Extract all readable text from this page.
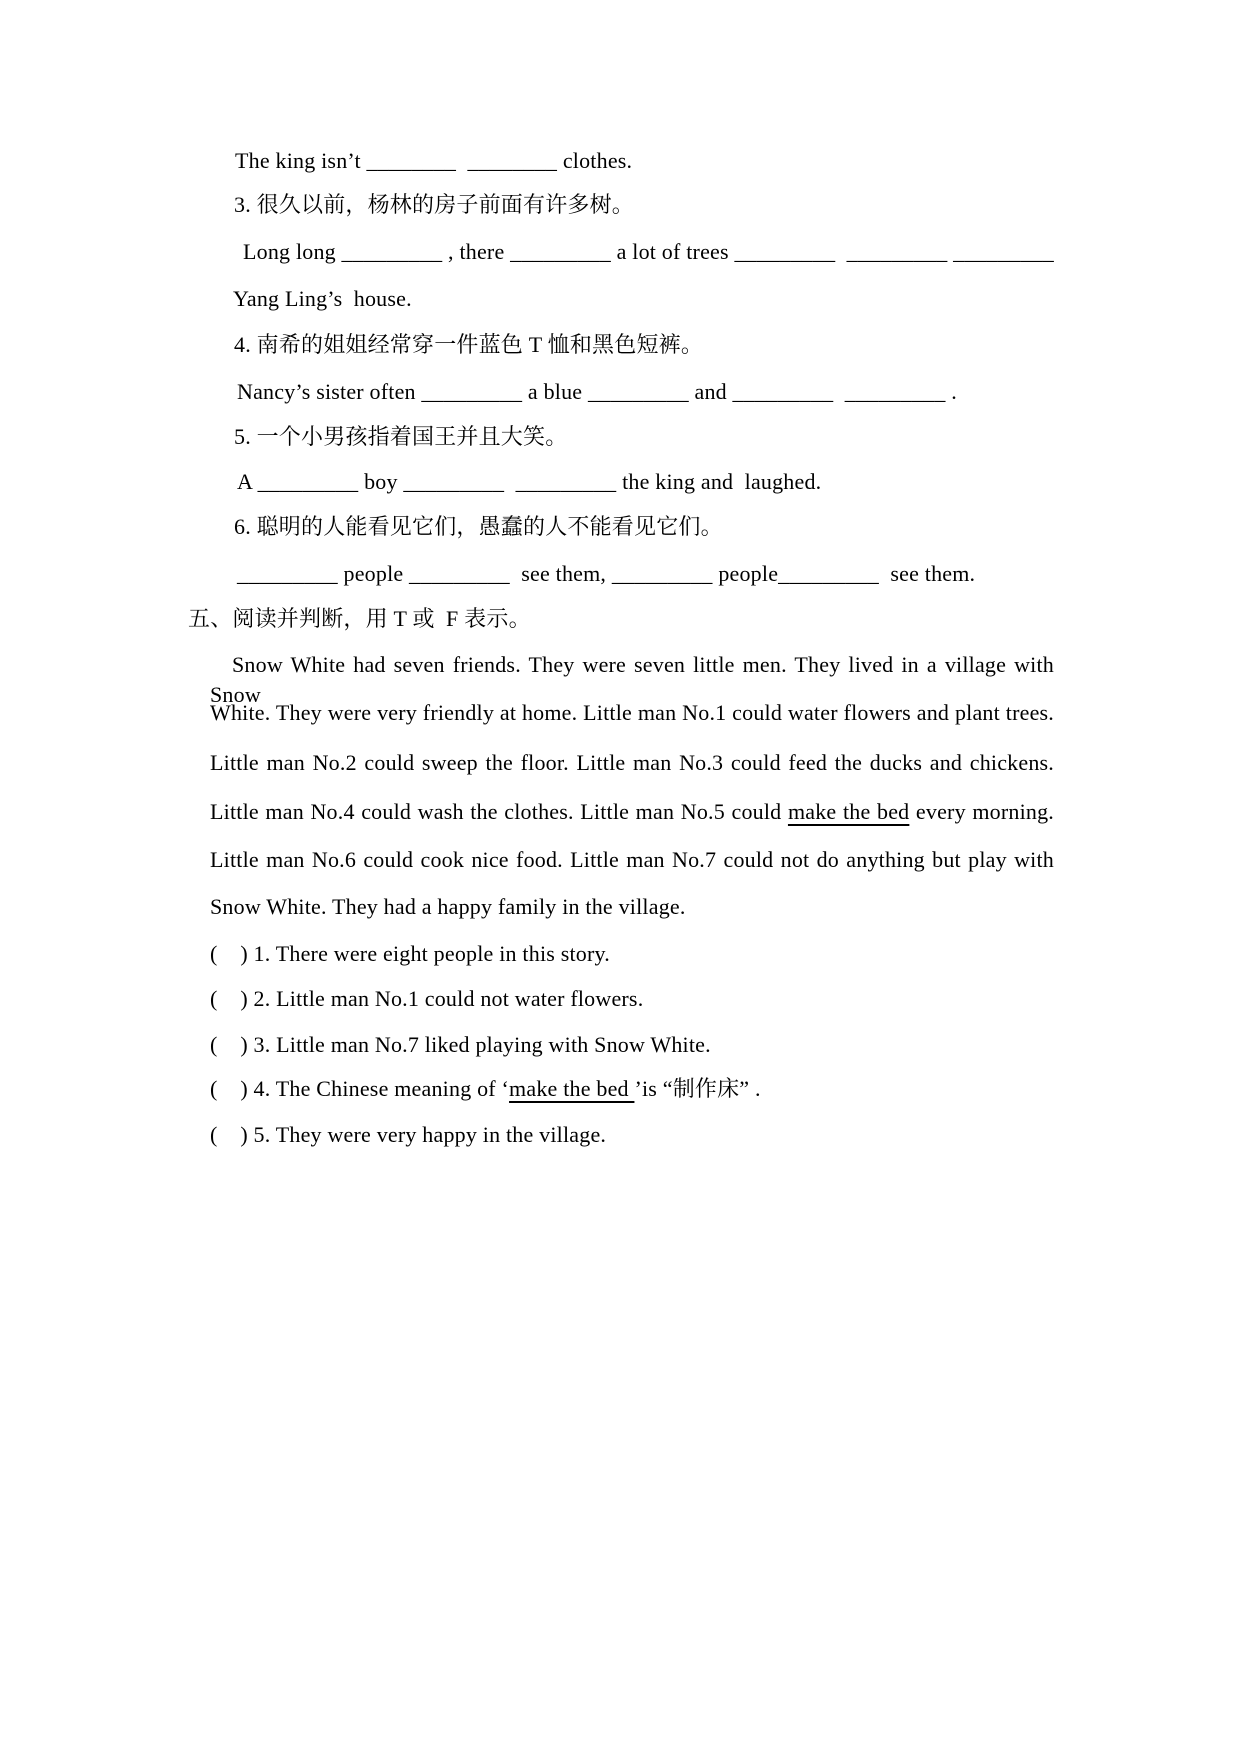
The king isn’t ________  ________ clothes.
3. 很久以前，杨林的房子前面有许多树。
Long long _________ , there _________ a lot of trees _________  _________ _________
Yang Ling’s  house.
4. 南希的姐姐经常穿一件蓝色 T 恤和黑色短裤。
Nancy’s sister often _________ a blue _________ and _________  _________ .
5. 一个小男孩指着国王并且大笑。
A _________ boy _________  _________ the king and  laughed.
6. 聪明的人能看见它们，愚蠢的人不能看见它们。
_________ people _________  see them, _________ people_________  see them.
五、阅读并判断，用 T 或  F 表示。
Snow White had seven friends. They were seven little men. They lived in a village with Snow
White. They were very friendly at home. Little man No.1 could water flowers and plant trees.
Little man No.2 could sweep the floor. Little man No.3 could feed the ducks and chickens.
Little man No.4 could wash the clothes. Little man No.5 could make the bed every morning.
Little man No.6 could cook nice food. Little man No.7 could not do anything but play with
Snow White. They had a happy family in the village.
(    ) 1. There were eight people in this story.
(    ) 2. Little man No.1 could not water flowers.
(    ) 3. Little man No.7 liked playing with Snow White.
(    ) 4. The Chinese meaning of ‘make the bed ’is “制作床” .
(    ) 5. They were very happy in the village.
